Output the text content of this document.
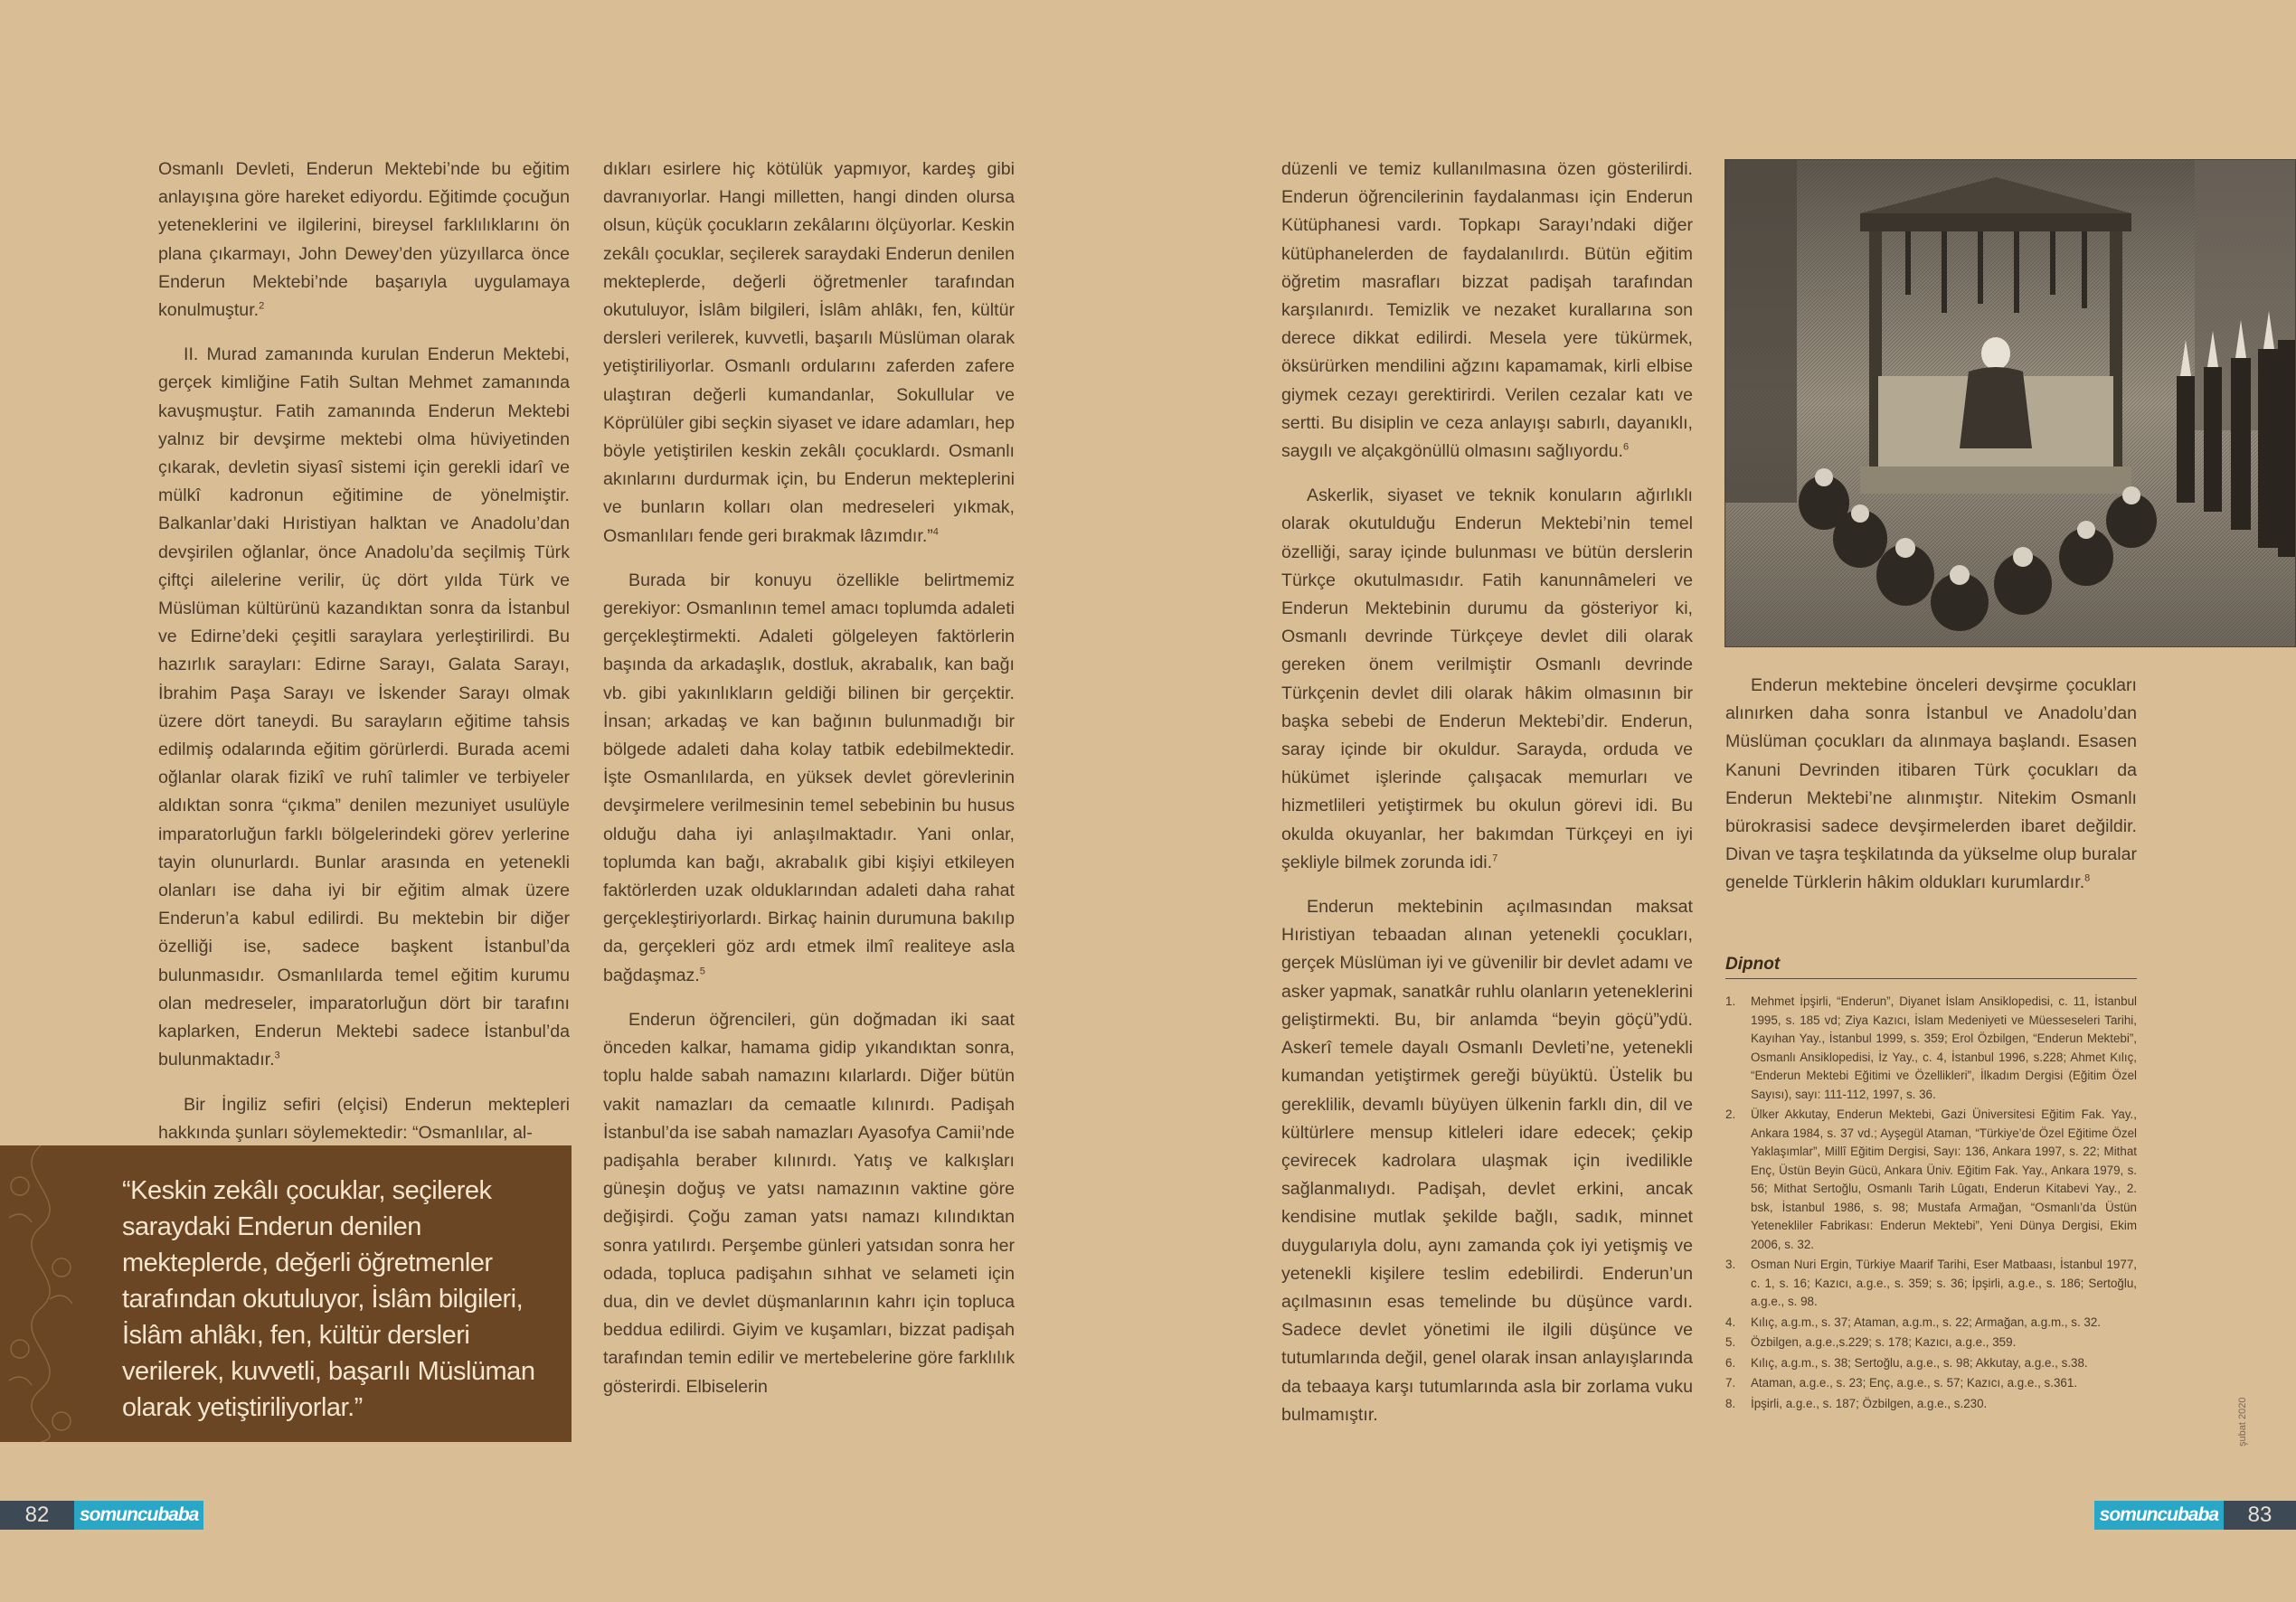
Osmanlı Devleti, Enderun Mektebi’nde bu eğitim anlayışına göre hareket ediyordu. Eğitimde çocuğun yeteneklerini ve ilgilerini, bireysel farklılıklarını ön plana çıkarmayı, John Dewey’den yüzyıllarca önce Enderun Mektebi’nde başarıyla uygulamaya konulmuştur.$^2$

II. Murad zamanında kurulan Enderun Mektebi, gerçek kimliğine Fatih Sultan Mehmet zamanında kavuşmuştur. Fatih zamanında Enderun Mektebi yalnız bir devşirme mektebi olma hüviyetinden çıkarak, devletin siyasî sistemi için gerekli idarî ve mülkî kadronun eğitimine de yönelmiştir. Balkanlar’daki Hıristiyan halktan ve Anadolu’dan devşirilen oğlanlar, önce Anadolu’da seçilmiş Türk çiftçi ailelerine verilir, üç dört yılda Türk ve Müslüman kültürünü kazandıktan sonra da İstanbul ve Edirne’deki çeşitli saraylara yerleştirilirdi. Bu hazırlık sarayları: Edirne Sarayı, Galata Sarayı, İbrahim Paşa Sarayı ve İskender Sarayı olmak üzere dört taneydi. Bu sarayların eğitime tahsis edilmiş odalarında eğitim görürlerdi. Burada acemi oğlanlar olarak fizikî ve ruhî talimler ve terbiyeler aldıktan sonra “çıkma” denilen mezuniyet usulüyle imparatorluğun farklı bölgelerindeki görev yerlerine tayin olunurlardı. Bunlar arasında en yetenekli olanları ise daha iyi bir eğitim almak üzere Enderun’a kabul edilirdi. Bu mektebin bir diğer özelliği ise, sadece başkent İstanbul’da bulunmasıdır. Osmanlılarda temel eğitim kurumu olan medreseler, imparatorluğun dört bir tarafını kaplarken, Enderun Mektebi sadece İstanbul’da bulunmaktadır.$^3$

Bir İngiliz sefiri (elçisi) Enderun mektepleri hakkında şunları söylemektedir: “Osmanlılar, al-

dıkları esirlere hiç kötülük yapmıyor, kardeş gibi davranıyorlar. Hangi milletten, hangi dinden olursa olsun, küçük çocukların zekâlarını ölçüyorlar. Keskin zekâlı çocuklar, seçilerek saraydaki Enderun denilen mekteplerde, değerli öğretmenler tarafından okutuluyor, İslâm bilgileri, İslâm ahlâkı, fen, kültür dersleri verilerek, kuvvetli, başarılı Müslüman olarak yetiştiriliyorlar. Osmanlı ordularını zaferden zafere ulaştıran değerli kumandanlar, Sokullular ve Köprülüler gibi seçkin siyaset ve idare adamları, hep böyle yetiştirilen keskin zekâlı çocuklardı. Osmanlı akınlarını durdurmak için, bu Enderun mekteplerini ve bunların kolları olan medreseleri yıkmak, Osmanlıları fende geri bırakmak lâzımdır.”$^4$

Burada bir konuyu özellikle belirtmemiz gerekiyor: Osmanlının temel amacı toplumda adaleti gerçekleştirmekti. Adaleti gölgeleyen faktörlerin başında da arkadaşlık, dostluk, akrabalık, kan bağı vb. gibi yakınlıkların geldiği bilinen bir gerçektir. İnsan; arkadaş ve kan bağının bulunmadığı bir bölgede adaleti daha kolay tatbik edebilmektedir. İşte Osmanlılarda, en yüksek devlet görevlerinin devşirmelere verilmesinin temel sebebinin bu husus olduğu daha iyi anlaşılmaktadır. Yani onlar, toplumda kan bağı, akrabalık gibi kişiyi etkileyen faktörlerden uzak olduklarından adaleti daha rahat gerçekleştiriyorlardı. Birkaç hainin durumuna bakılıp da, gerçekleri göz ardı etmek ilmî realiteye asla bağdaşmaz.$^5$

Enderun öğrencileri, gün doğmadan iki saat önceden kalkar, hamama gidip yıkandıktan sonra, toplu halde sabah namazını kılarlardı. Diğer bütün vakit namazları da cemaatle kılınırdı. Padişah İstanbul’da ise sabah namazları Ayasofya Camii’nde padişahla beraber kılınırdı. Yatış ve kalkışları güneşin doğuş ve yatsı namazının vaktine göre değişirdi. Çoğu zaman yatsı namazı kılındıktan sonra yatılırdı. Perşembe günleri yatsıdan sonra her odada, topluca padişahın sıhhat ve selameti için dua, din ve devlet düşmanlarının kahrı için topluca beddua edilirdi. Giyim ve kuşamları, bizzat padişah tarafından temin edilir ve mertebelerine göre farklılık gösterirdi. Elbiselerin

düzenli ve temiz kullanılmasına özen gösterilirdi. Enderun öğrencilerinin faydalanması için Enderun Kütüphanesi vardı. Topkapı Sarayı’ndaki diğer kütüphanelerden de faydalanılırdı. Bütün eğitim öğretim masrafları bizzat padişah tarafından karşılanırdı. Temizlik ve nezaket kurallarına son derece dikkat edilirdi. Mesela yere tükürmek, öksürürken mendilini ağzını kapamamak, kirli elbise giymek cezayı gerektirirdi. Verilen cezalar katı ve sertti. Bu disiplin ve ceza anlayışı sabırlı, dayanıklı, saygılı ve alçakgönüllü olmasını sağlıyordu.$^6$

Askerlik, siyaset ve teknik konuların ağırlıklı olarak okutulduğu Enderun Mektebi’nin temel özelliği, saray içinde bulunması ve bütün derslerin Türkçe okutulmasıdır. Fatih kanunnâmeleri ve Enderun Mektebinin durumu da gösteriyor ki, Osmanlı devrinde Türkçeye devlet dili olarak gereken önem verilmiştir Osmanlı devrinde Türkçenin devlet dili olarak hâkim olmasının bir başka sebebi de Enderun Mektebi’dir. Enderun, saray içinde bir okuldur. Sarayda, orduda ve hükümet işlerinde çalışacak memurları ve hizmetlileri yetiştirmek bu okulun görevi idi. Bu okulda okuyanlar, her bakımdan Türkçeyi en iyi şekliyle bilmek zorunda idi.$^7$

Enderun mektebinin açılmasından maksat Hıristiyan tebaadan alınan yetenekli çocukları, gerçek Müslüman iyi ve güvenilir bir devlet adamı ve asker yapmak, sanatkâr ruhlu olanların yeteneklerini geliştirmekti. Bu, bir anlamda “beyin göçü”ydü. Askerî temele dayalı Osmanlı Devleti’ne, yetenekli kumandan yetiştirmek gereği büyüktü. Üstelik bu gereklilik, devamlı büyüyen ülkenin farklı din, dil ve kültürlere mensup kitleleri idare edecek; çekip çevirecek kadrolara ulaşmak için ivedilikle sağlanmalıydı. Padişah, devlet erkini, ancak kendisine mutlak şekilde bağlı, sadık, minnet duygularıyla dolu, aynı zamanda çok iyi yetişmiş ve yetenekli kişilere teslim edebilirdi. Enderun’un açılmasının esas temelinde bu düşünce vardı. Sadece devlet yönetimi ile ilgili düşünce ve tutumlarında değil, genel olarak insan anlayışlarında da tebaaya karşı tutumlarında asla bir zorlama vuku bulmamıştır.

Enderun mektebine önceleri devşirme çocukları alınırken daha sonra İstanbul ve Anadolu’dan Müslüman çocukları da alınmaya başlandı. Esasen Kanuni Devrinden itibaren Türk çocukları da Enderun Mektebi’ne alınmıştır. Nitekim Osmanlı bürokrasisi sadece devşirmelerden ibaret değildir. Divan ve taşra teşkilatında da yükselme olup buralar genelde Türklerin hâkim oldukları kurumlardır.$^8$

Dipnot
1. Mehmet İpşirli, “Enderun”, Diyanet İslam Ansiklopedisi, c. 11, İstanbul 1995, s. 185 vd; Ziya Kazıcı, İslam Medeniyeti ve Müesseseleri Tarihi, Kayıhan Yay., İstanbul 1999, s. 359; Erol Özbilgen, “Enderun Mektebi”, Osmanlı Ansiklopedisi, İz Yay., c. 4, İstanbul 1996, s.228; Ahmet Kılıç, “Enderun Mektebi Eğitimi ve Özellikleri”, İlkadım Dergisi (Eğitim Özel Sayısı), sayı: 111-112, 1997, s. 36.
2. Ülker Akkutay, Enderun Mektebi, Gazi Üniversitesi Eğitim Fak. Yay., Ankara 1984, s. 37 vd.; Ayşegül Ataman, “Türkiye’de Özel Eğitime Özel Yaklaşımlar”, Millî Eğitim Dergisi, Sayı: 136, Ankara 1997, s. 22; Mithat Enç, Üstün Beyin Gücü, Ankara Üniv. Eğitim Fak. Yay., Ankara 1979, s. 56; Mithat Sertoğlu, Osmanlı Tarih Lûgatı, Enderun Kitabevi Yay., 2. bsk, İstanbul 1986, s. 98; Mustafa Armağan, “Osmanlı’da Üstün Yetenekliler Fabrikası: Enderun Mektebi”, Yeni Dünya Dergisi, Ekim 2006, s. 32.
3. Osman Nuri Ergin, Türkiye Maarif Tarihi, Eser Matbaası, İstanbul 1977, c. 1, s. 16; Kazıcı, a.g.e., s. 359; s. 36; İpşirli, a.g.e., s. 186; Sertoğlu, a.g.e., s. 98.
4. Kılıç, a.g.m., s. 37; Ataman, a.g.m., s. 22; Armağan, a.g.m., s. 32.
5. Özbilgen, a.g.e.,s.229; s. 178; Kazıcı, a.g.e., 359.
6. Kılıç, a.g.m., s. 38; Sertoğlu, a.g.e., s. 98; Akkutay, a.g.e., s.38.
7. Ataman, a.g.e., s. 23; Enç, a.g.e., s. 57; Kazıcı, a.g.e., s.361.
8. İpşirli, a.g.e., s. 187; Özbilgen, a.g.e., s.230.
“Keskin zekâlı çocuklar, seçilerek saraydaki Enderun denilen mekteplerde, değerli öğretmenler tarafından okutuluyor, İslâm bilgileri, İslâm ahlâkı, fen, kültür dersleri verilerek, kuvvetli, başarılı Müslüman olarak yetiştiriliyorlar.”
82	somuncubaba	somuncubaba	83
şubat 2020
